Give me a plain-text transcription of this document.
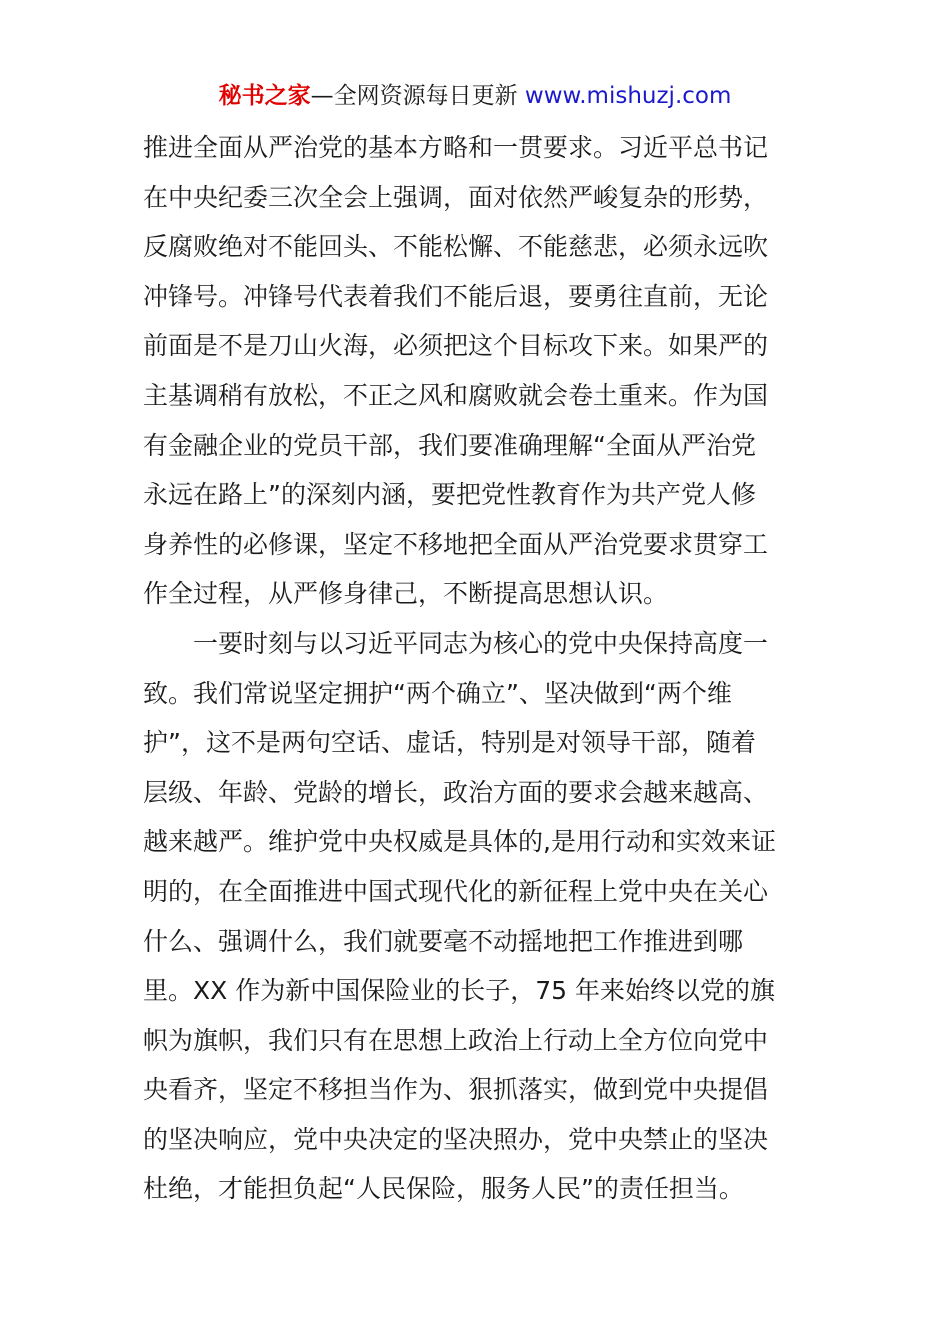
秘书之家—全网资源每日更新 www.mishuzj.com
推进全面从严治党的基本方略和一贯要求。习近平总书记
在中央纪委三次全会上强调，面对依然严峻复杂的形势，
反腐败绝对不能回头、不能松懈、不能慈悲，必须永远吹
冲锋号。冲锋号代表着我们不能后退，要勇往直前，无论
前面是不是刀山火海，必须把这个目标攻下来。如果严的
主基调稍有放松，不正之风和腐败就会卷土重来。作为国
有金融企业的党员干部，我们要准确理解“全面从严治党
永远在路上”的深刻内涵，要把党性教育作为共产党人修
身养性的必修课，坚定不移地把全面从严治党要求贯穿工
作全过程，从严修身律己，不断提高思想认识。
一要时刻与以习近平同志为核心的党中央保持高度一
致。我们常说坚定拥护“两个确立”、坚决做到“两个维
护”，这不是两句空话、虚话，特别是对领导干部，随着
层级、年龄、党龄的增长，政治方面的要求会越来越高、
越来越严。维护党中央权威是具体的,是用行动和实效来证
明的，在全面推进中国式现代化的新征程上党中央在关心
什么、强调什么，我们就要毫不动摇地把工作推进到哪
里。XX 作为新中国保险业的长子，75 年来始终以党的旗
帜为旗帜，我们只有在思想上政治上行动上全方位向党中
央看齐，坚定不移担当作为、狠抓落实，做到党中央提倡
的坚决响应，党中央决定的坚决照办，党中央禁止的坚决
杜绝，才能担负起“人民保险，服务人民”的责任担当。
